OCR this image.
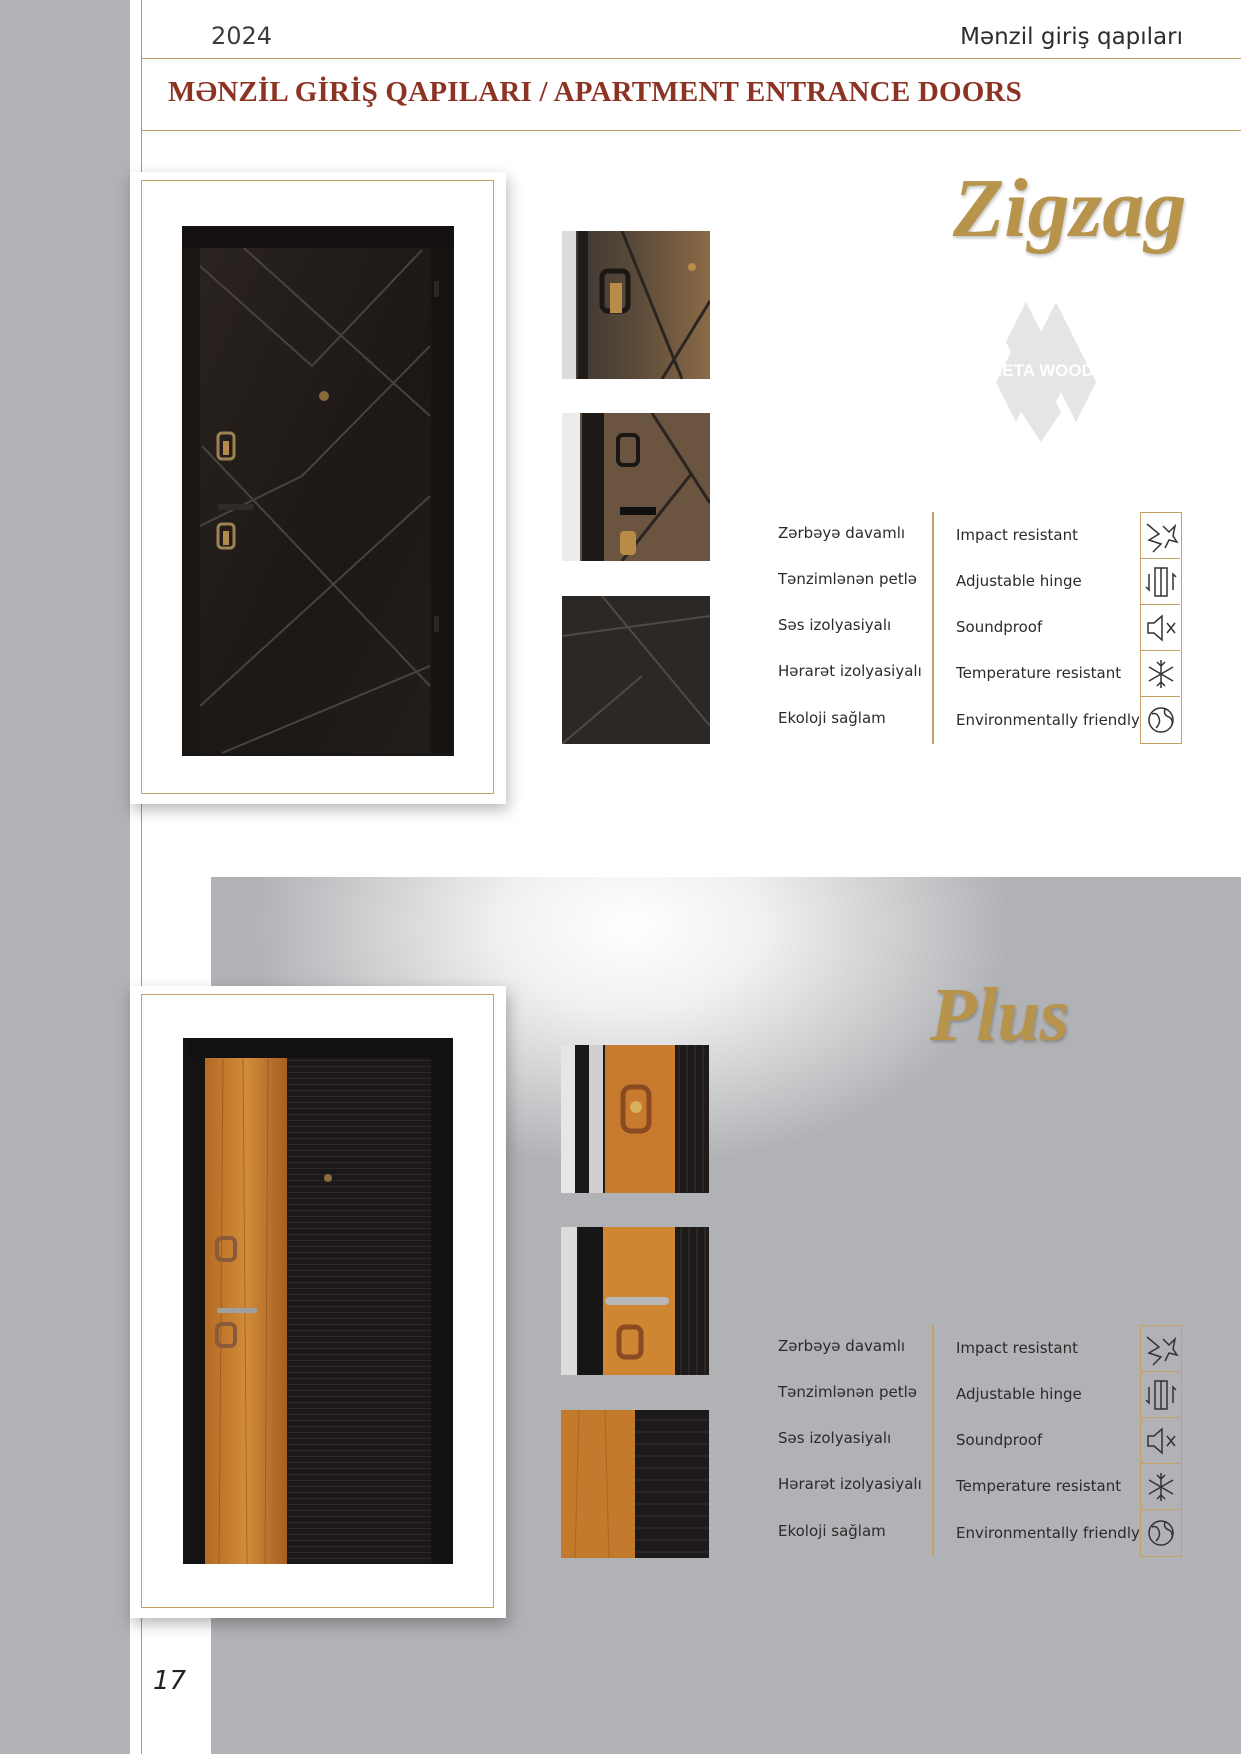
2024	Mənzil giriş qapıları
MƏNZİL GİRİŞ QAPILARI / APARTMENT ENTRANCE DOORS
Zigzag
META WOOD
Zərbəyə davamlı
Tənzimlənən petlə
Səs izolyasiyalı
Hərarət izolyasiyalı
Ekoloji sağlam
Impact resistant
Adjustable hinge
Soundproof
Temperature resistant
Environmentally friendly
Plus
Zərbəyə davamlı
Tənzimlənən petlə
Səs izolyasiyalı
Hərarət izolyasiyalı
Ekoloji sağlam
Impact resistant
Adjustable hinge
Soundproof
Temperature resistant
Environmentally friendly
17
